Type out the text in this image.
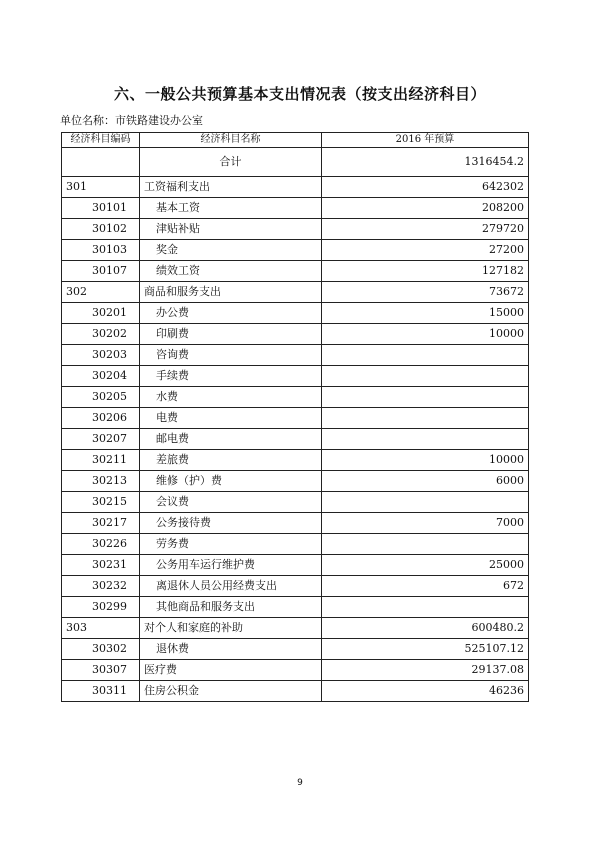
六、一般公共预算基本支出情况表（按支出经济科目）
单位名称：市铁路建设办公室
经济科目编码	经济科目名称	2016 年预算
	合计	1316454.2
301	工资福利支出	642302
30101	基本工资	208200
30102	津贴补贴	279720
30103	奖金	27200
30107	绩效工资	127182
302	商品和服务支出	73672
30201	办公费	15000
30202	印刷费	10000
30203	咨询费	
30204	手续费	
30205	水费	
30206	电费	
30207	邮电费	
30211	差旅费	10000
30213	维修（护）费	6000
30215	会议费	
30217	公务接待费	7000
30226	劳务费	
30231	公务用车运行维护费	25000
30232	离退休人员公用经费支出	672
30299	其他商品和服务支出	
303	对个人和家庭的补助	600480.2
30302	退休费	525107.12
30307	医疗费	29137.08
30311	住房公积金	46236
9
